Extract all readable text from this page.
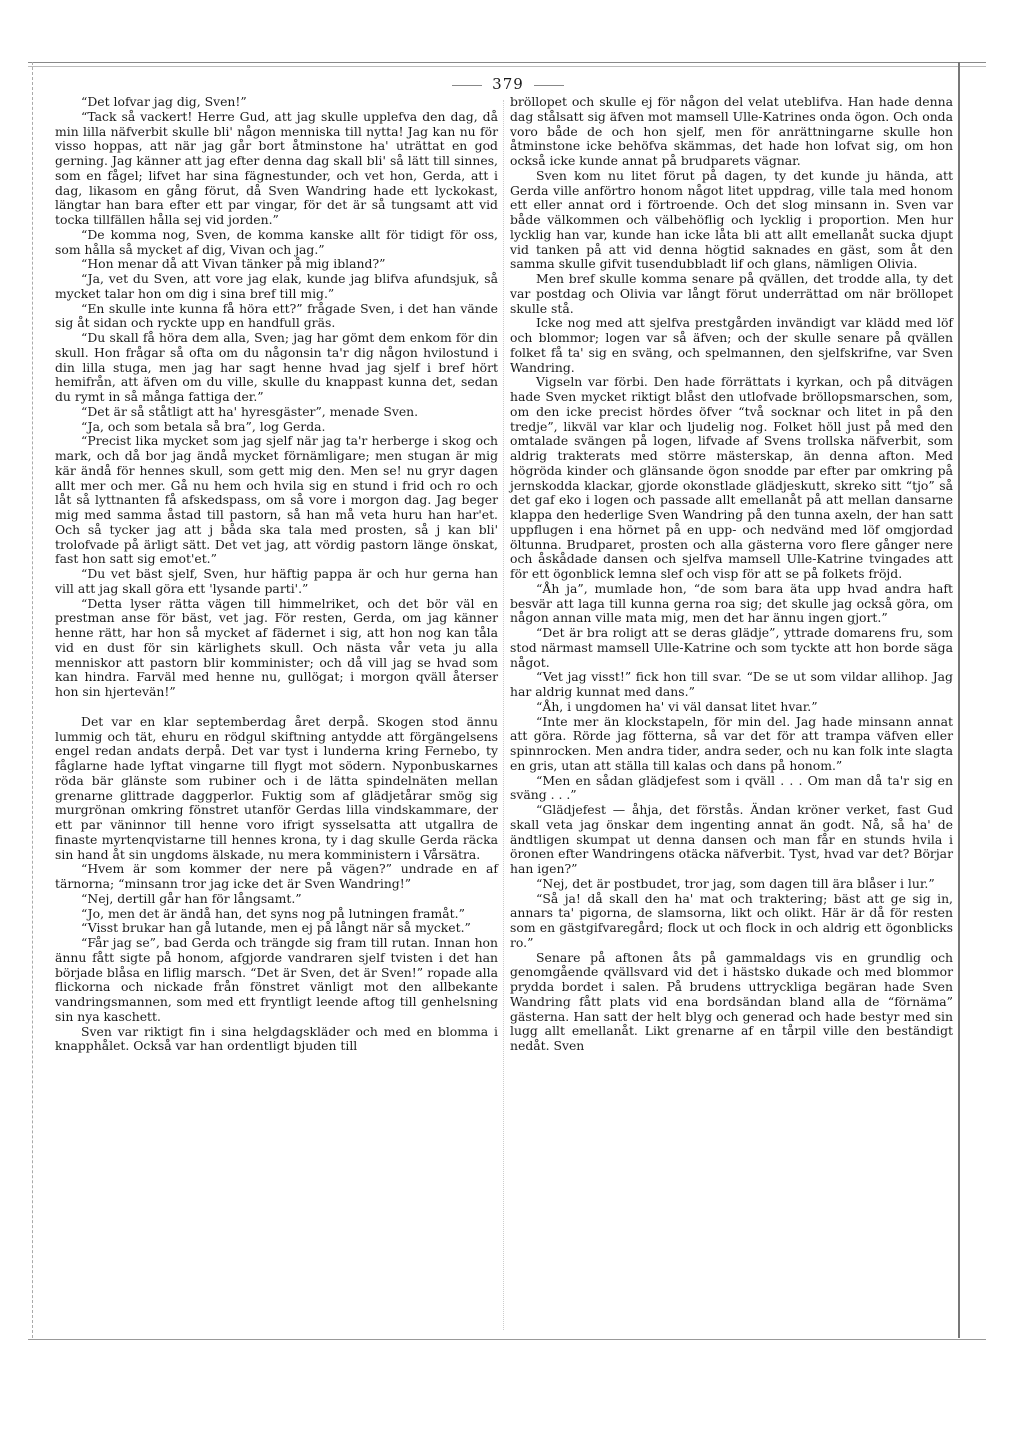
379

“Det lofvar jag dig, Sven!”

“Tack så vackert! Herre Gud, att jag skulle upplefva den dag, då min lilla näfverbit skulle bli' någon menniska till nytta! Jag kan nu för visso hoppas, att när jag går bort åtminstone ha' uträttat en god gerning. Jag känner att jag efter denna dag skall bli' så lätt till sinnes, som en fågel; lifvet har sina fägnestunder, och vet hon, Gerda, att i dag, likasom en gång förut, då Sven Wandring hade ett lyckokast, längtar han bara efter ett par vingar, för det är så tungsamt att vid tocka tillfällen hålla sej vid jorden.”

“De komma nog, Sven, de komma kanske allt för tidigt för oss, som hålla så mycket af dig, Vivan och jag.”

“Hon menar då att Vivan tänker på mig ibland?”

“Ja, vet du Sven, att vore jag elak, kunde jag blifva afundsjuk, så mycket talar hon om dig i sina bref till mig.”

“En skulle inte kunna få höra ett?” frågade Sven, i det han vände sig åt sidan och ryckte upp en handfull gräs.

“Du skall få höra dem alla, Sven; jag har gömt dem enkom för din skull. Hon frågar så ofta om du någonsin ta'r dig någon hvilostund i din lilla stuga, men jag har sagt henne hvad jag sjelf i bref hört hemifrån, att äfven om du ville, skulle du knappast kunna det, sedan du rymt in så många fattiga der.”

“Det är så ståtligt att ha' hyresgäster”, menade Sven.

“Ja, och som betala så bra”, log Gerda.

“Precist lika mycket som jag sjelf när jag ta'r herberge i skog och mark, och då bor jag ändå mycket förnämligare; men stugan är mig kär ändå för hennes skull, som gett mig den. Men se! nu gryr dagen allt mer och mer. Gå nu hem och hvila sig en stund i frid och ro och låt så lyttnanten få afskedspass, om så vore i morgon dag. Jag beger mig med samma åstad till pastorn, så han må veta huru han har'et. Och så tycker jag att j båda ska tala med prosten, så j kan bli' trolofvade på ärligt sätt. Det vet jag, att vördig pastorn länge önskat, fast hon satt sig emot'et.”

“Du vet bäst sjelf, Sven, hur häftig pappa är och hur gerna han vill att jag skall göra ett 'lysande parti'.”

“Detta lyser rätta vägen till himmelriket, och det bör väl en prestman anse för bäst, vet jag. För resten, Gerda, om jag känner henne rätt, har hon så mycket af fädernet i sig, att hon nog kan tåla vid en dust för sin kärlighets skull. Och nästa vår veta ju alla menniskor att pastorn blir komminister; och då vill jag se hvad som kan hindra. Farväl med henne nu, gullögat; i morgon qväll återser hon sin hjertevän!”

Det var en klar septemberdag året derpå. Skogen stod ännu lummig och tät, ehuru en rödgul skiftning antydde att förgängelsens engel redan andats derpå. Det var tyst i lunderna kring Fernebo, ty fåglarne hade lyftat vingarne till flygt mot södern. Nyponbuskarnes röda bär glänste som rubiner och i de lätta spindelnäten mellan grenarne glittrade daggperlor. Fuktig som af glädjetårar smög sig murgrönan omkring fönstret utanför Gerdas lilla vindskammare, der ett par väninnor till henne voro ifrigt sysselsatta att utgallra de finaste myrtenqvistarne till hennes krona, ty i dag skulle Gerda räcka sin hand åt sin ungdoms älskade, nu mera komministern i Vårsätra.

“Hvem är som kommer der nere på vägen?” undrade en af tärnorna; “minsann tror jag icke det är Sven Wandring!”

“Nej, dertill går han för långsamt.”

“Jo, men det är ändå han, det syns nog på lutningen framåt.”

“Visst brukar han gå lutande, men ej på långt när så mycket.”

“Får jag se”, bad Gerda och trängde sig fram till rutan. Innan hon ännu fått sigte på honom, afgjorde vandraren sjelf tvisten i det han började blåsa en liflig marsch. “Det är Sven, det är Sven!” ropade alla flickorna och nickade från fönstret vänligt mot den allbekante vandringsmannen, som med ett fryntligt leende aftog till genhelsning sin nya kaschett.

Sven var riktigt fin i sina helgdagskläder och med en blomma i knapphålet. Också var han ordentligt bjuden till

bröllopet och skulle ej för någon del velat uteblifva. Han hade denna dag stålsatt sig äfven mot mamsell Ulle-Katrines onda ögon. Och onda voro både de och hon sjelf, men för anrättningarne skulle hon åtminstone icke behöfva skämmas, det hade hon lofvat sig, om hon också icke kunde annat på brudparets vägnar.

Sven kom nu litet förut på dagen, ty det kunde ju hända, att Gerda ville anförtro honom något litet uppdrag, ville tala med honom ett eller annat ord i förtroende. Och det slog minsann in. Sven var både välkommen och välbehöflig och lycklig i proportion. Men hur lycklig han var, kunde han icke låta bli att allt emellanåt sucka djupt vid tanken på att vid denna högtid saknades en gäst, som åt den samma skulle gifvit tusendubbladt lif och glans, nämligen Olivia.

Men bref skulle komma senare på qvällen, det trodde alla, ty det var postdag och Olivia var långt förut underrättad om när bröllopet skulle stå.

Icke nog med att sjelfva prestgården invändigt var klädd med löf och blommor; logen var så äfven; och der skulle senare på qvällen folket få ta' sig en sväng, och spelmannen, den sjelfskrifne, var Sven Wandring.

Vigseln var förbi. Den hade förrättats i kyrkan, och på ditvägen hade Sven mycket riktigt blåst den utlofvade bröllopsmarschen, som, om den icke precist hördes öfver “två socknar och litet in på den tredje”, likväl var klar och ljudelig nog. Folket höll just på med den omtalade svängen på logen, lifvade af Svens trollska näfverbit, som aldrig trakterats med större mästerskap, än denna afton. Med högröda kinder och glänsande ögon snodde par efter par omkring på jernskodda klackar, gjorde okonstlade glädjeskutt, skreko sitt “tjo” så det gaf eko i logen och passade allt emellanåt på att mellan dansarne klappa den hederlige Sven Wandring på den tunna axeln, der han satt uppflugen i ena hörnet på en upp- och nedvänd med löf omgjordad öltunna. Brudparet, prosten och alla gästerna voro flere gånger nere och åskådade dansen och sjelfva mamsell Ulle-Katrine tvingades att för ett ögonblick lemna slef och visp för att se på folkets fröjd.

“Åh ja”, mumlade hon, “de som bara äta upp hvad andra haft besvär att laga till kunna gerna roa sig; det skulle jag också göra, om någon annan ville mata mig, men det har ännu ingen gjort.”

“Det är bra roligt att se deras glädje”, yttrade domarens fru, som stod närmast mamsell Ulle-Katrine och som tyckte att hon borde säga något.

“Vet jag visst!” fick hon till svar. “De se ut som vildar allihop. Jag har aldrig kunnat med dans.”

“Åh, i ungdomen ha' vi väl dansat litet hvar.”

“Inte mer än klockstapeln, för min del. Jag hade minsann annat att göra. Rörde jag fötterna, så var det för att trampa väfven eller spinnrocken. Men andra tider, andra seder, och nu kan folk inte slagta en gris, utan att ställa till kalas och dans på honom.”

“Men en sådan glädjefest som i qväll . . . Om man då ta'r sig en sväng . . .”

“Glädjefest — åhja, det förstås. Ändan kröner verket, fast Gud skall veta jag önskar dem ingenting annat än godt. Nå, så ha' de ändtligen skumpat ut denna dansen och man får en stunds hvila i öronen efter Wandringens otäcka näfverbit. Tyst, hvad var det? Börjar han igen?”

“Nej, det är postbudet, tror jag, som dagen till ära blåser i lur.”

“Så ja! då skall den ha' mat och traktering; bäst att ge sig in, annars ta' pigorna, de slamsorna, likt och olikt. Här är då för resten som en gästgifvaregård; flock ut och flock in och aldrig ett ögonblicks ro.”

Senare på aftonen åts på gammaldags vis en grundlig och genomgående qvällsvard vid det i hästsko dukade och med blommor prydda bordet i salen. På brudens uttryckliga begäran hade Sven Wandring fått plats vid ena bordsändan bland alla de “förnäma” gästerna. Han satt der helt blyg och generad och hade bestyr med sin lugg allt emellanåt. Likt grenarne af en tårpil ville den beständigt nedåt. Sven
